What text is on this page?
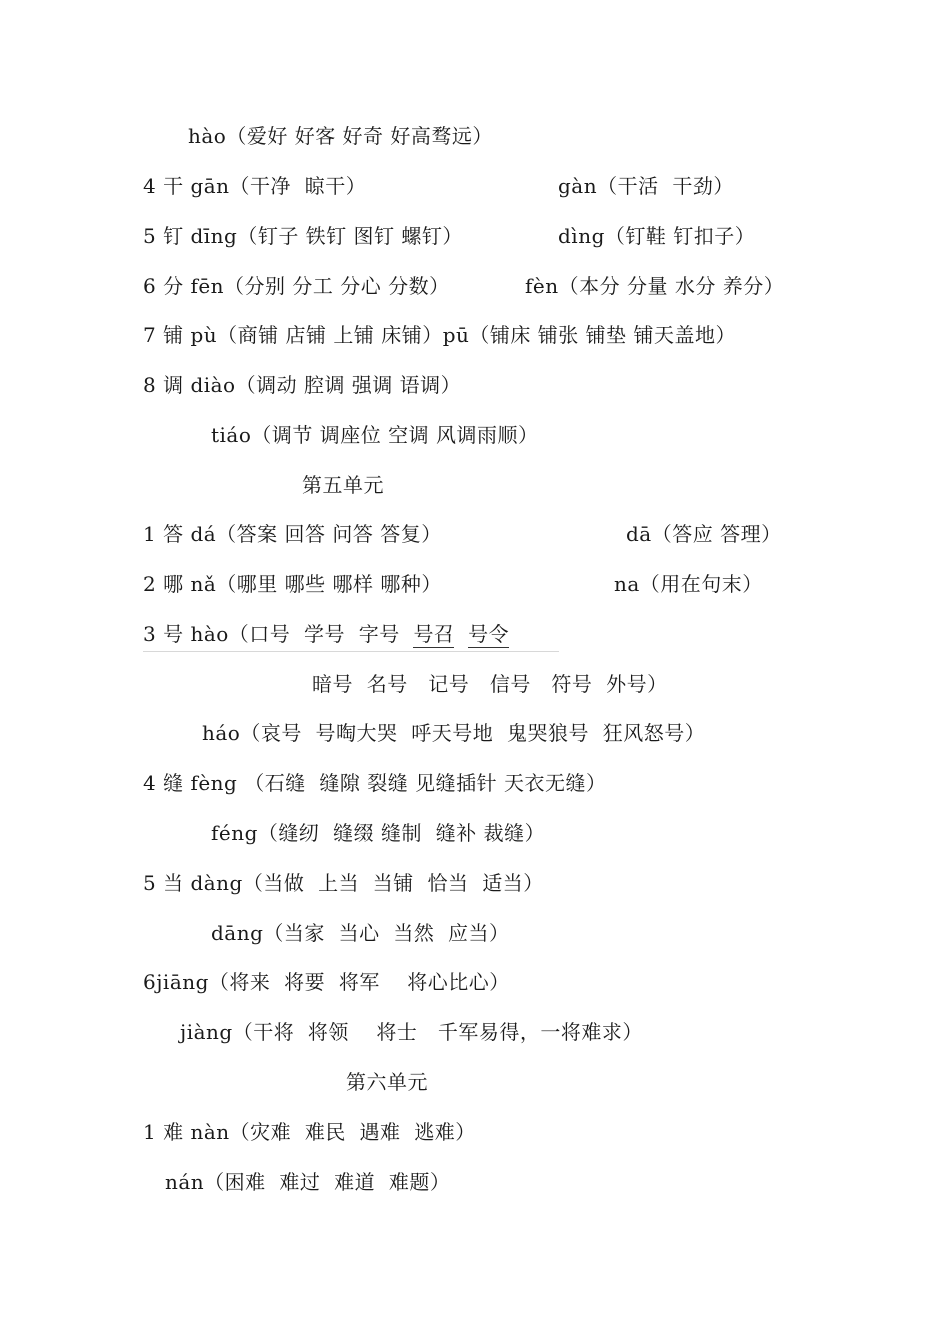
hào（爱好 好客 好奇 好高骛远）
4 干 gān（干净  晾干）	gàn（干活  干劲）
5 钉 dīng（钉子 铁钉 图钉 螺钉）	dìng（钉鞋 钉扣子）
6 分 fēn（分别 分工 分心 分数）	fèn（本分 分量 水分 养分）
7 铺 pù（商铺 店铺 上铺 床铺）pū（铺床 铺张 铺垫 铺天盖地）
8 调 diào（调动 腔调 强调 语调）
tiáo（调节 调座位 空调 风调雨顺）
第五单元
1 答 dá（答案 回答 问答 答复）	dā（答应 答理）
2 哪 nǎ（哪里 哪些 哪样 哪种）	na（用在句末）
3 号 hào（口号  学号  字号  号召 号令
暗号  名号   记号   信号   符号  外号）
háo（哀号  号啕大哭  呼天号地  鬼哭狼号  狂风怒号）
4 缝 fèng （石缝  缝隙 裂缝 见缝插针 天衣无缝）
féng（缝纫  缝缀 缝制  缝补 裁缝）
5 当 dàng（当做  上当  当铺  恰当  适当）
dāng（当家  当心  当然  应当）
6jiāng（将来  将要  将军    将心比心）
jiàng（干将  将领    将士   千军易得，一将难求）
第六单元
1 难 nàn（灾难  难民  遇难  逃难）
nán（困难  难过  难道  难题）
